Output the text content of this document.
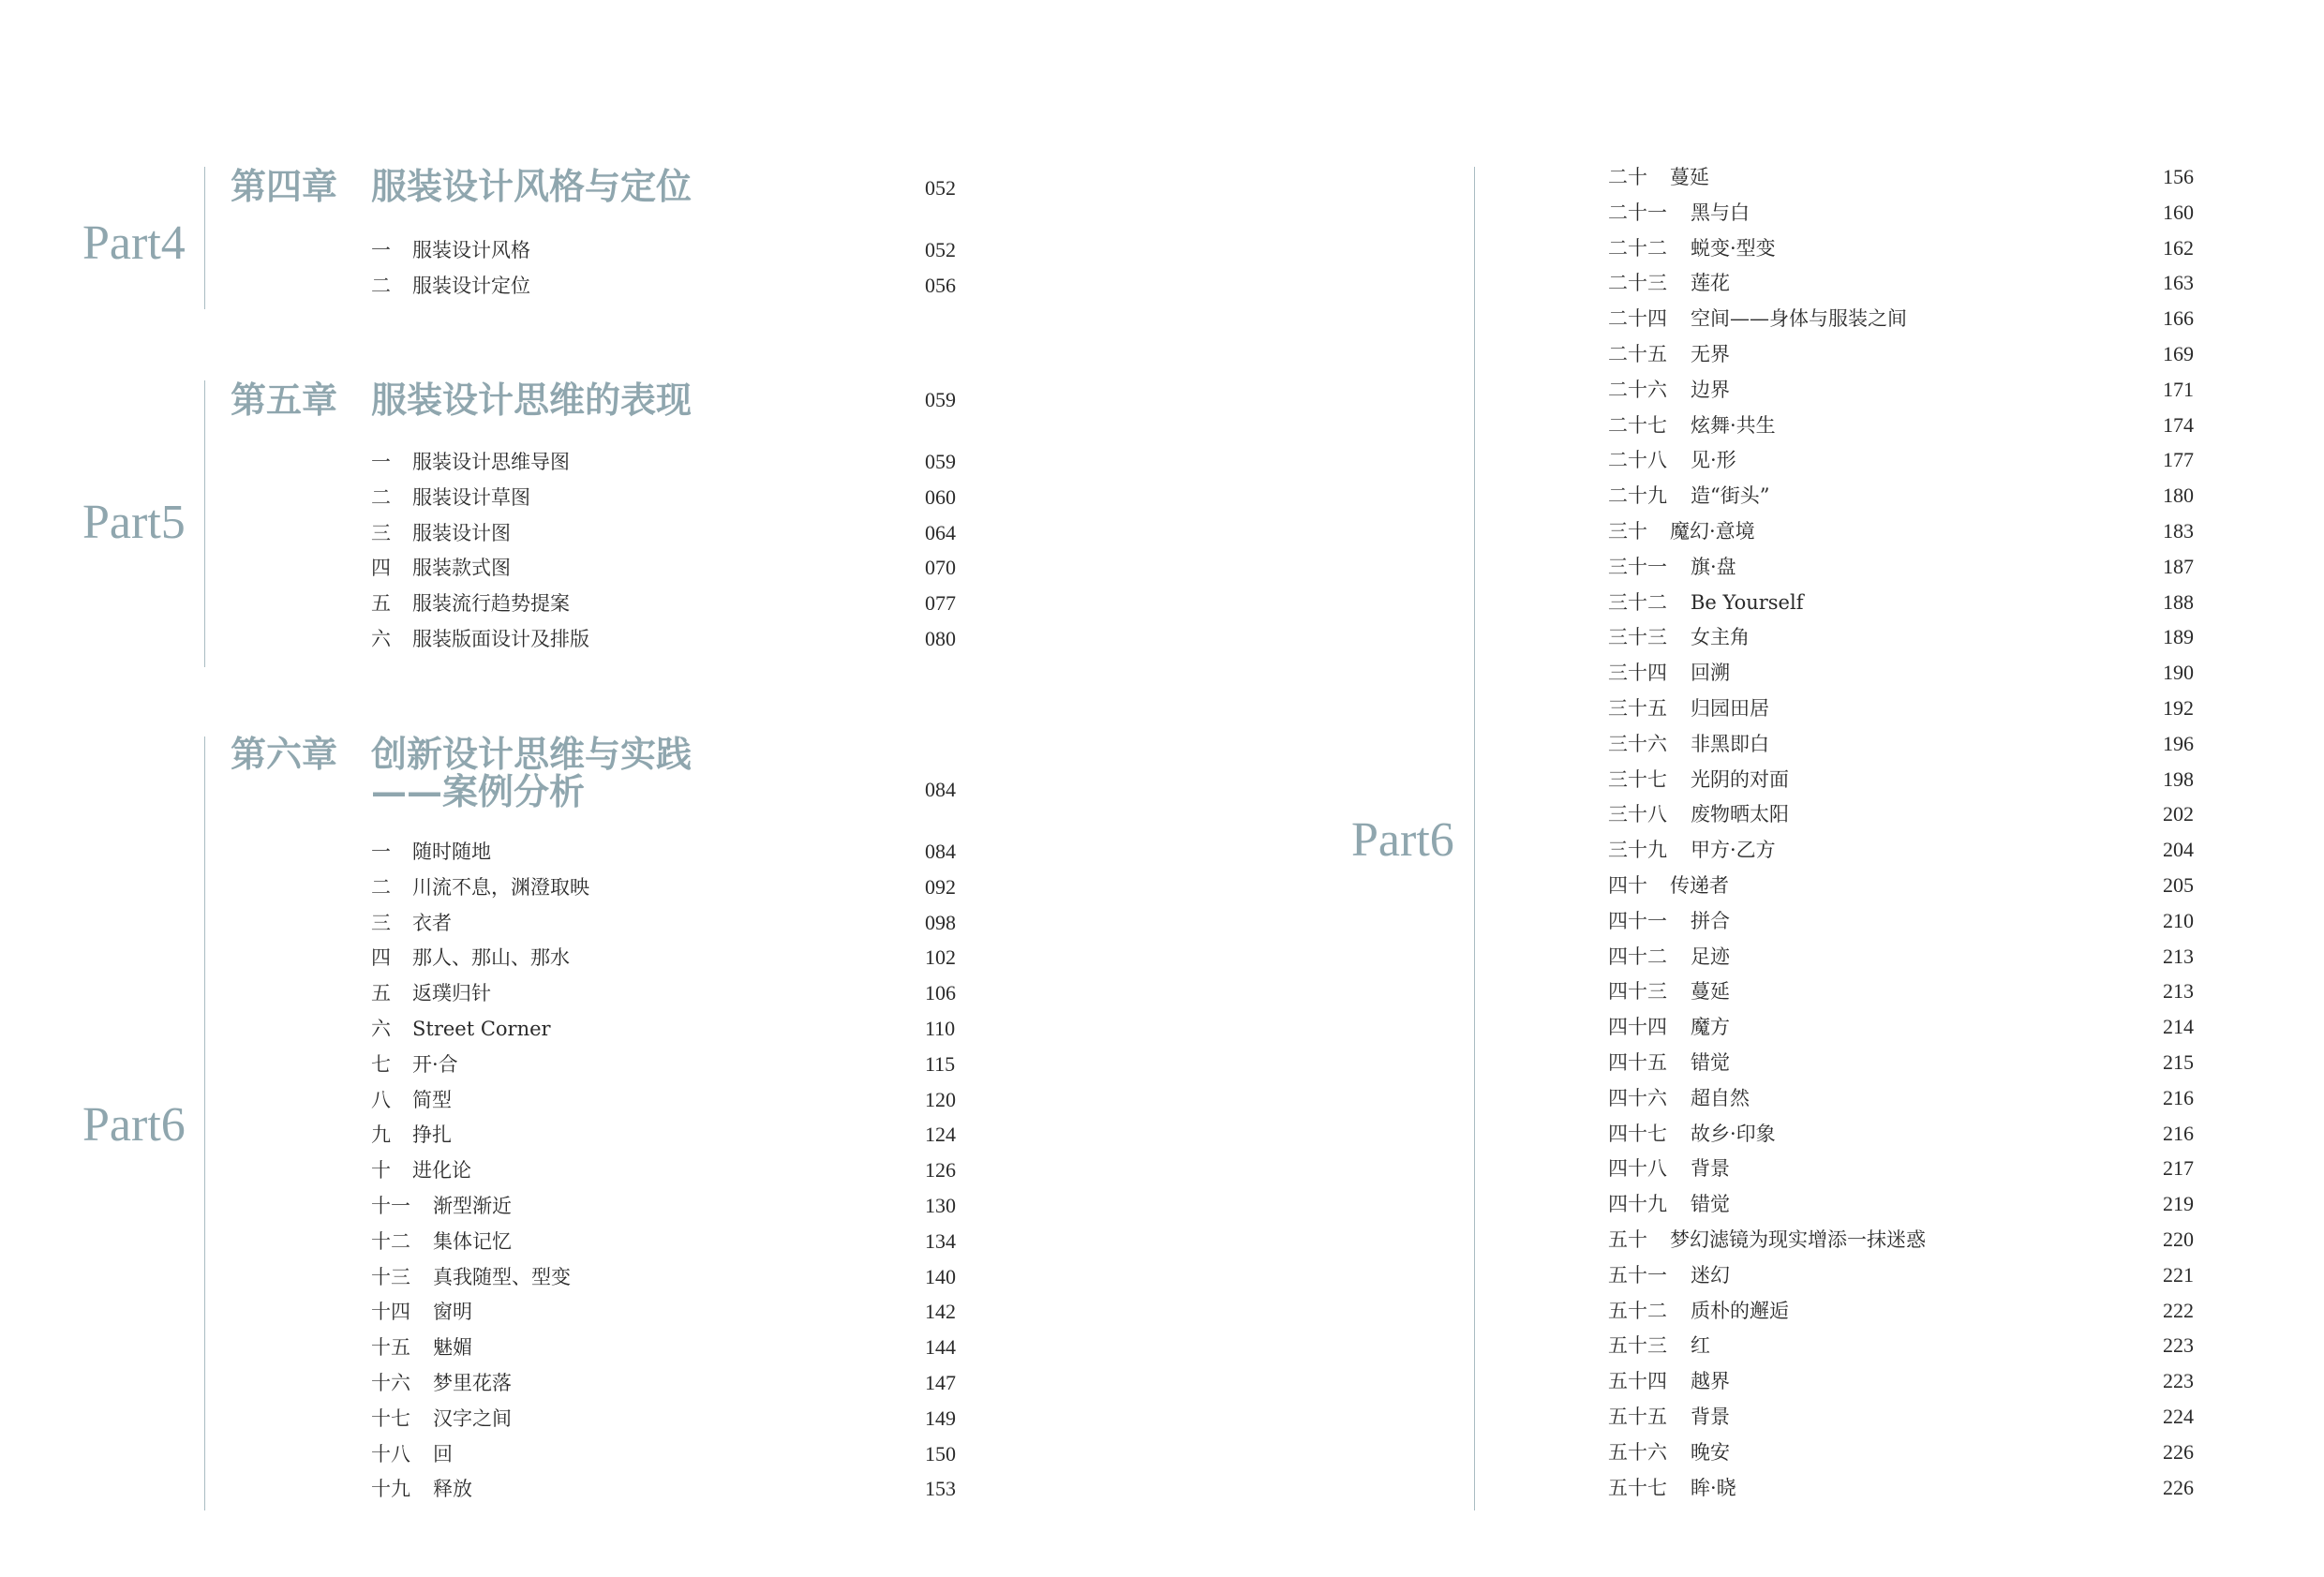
Part4
Part5
Part6
第四章 服装设计风格与定位	052
一 服装设计风格	052
二 服装设计定位	056
第五章 服装设计思维的表现	059
一 服装设计思维导图	059
二 服装设计草图	060
三 服装设计图	064
四 服装款式图	070
五 服装流行趋势提案	077
六 服装版面设计及排版	080
第六章 创新设计思维与实践
——案例分析	084
一 随时随地	084
二 川流不息，渊澄取映	092
三 衣者	098
四 那人、那山、那水	102
五 返璞归针	106
六 Street Corner	110
七 开·合	115
八 简型	120
九 挣扎	124
十 进化论	126
十一 渐型渐近	130
十二 集体记忆	134
十三 真我随型、型变	140
十四 窗明	142
十五 魅媚	144
十六 梦里花落	147
十七 汉字之间	149
十八 回	150
十九 释放	153
Part6
二十 蔓延	156
二十一 黑与白	160
二十二 蜕变·型变	162
二十三 莲花	163
二十四 空间——身体与服装之间	166
二十五 无界	169
二十六 边界	171
二十七 炫舞·共生	174
二十八 见·形	177
二十九 造“街头”	180
三十 魔幻·意境	183
三十一 旗·盘	187
三十二 Be Yourself	188
三十三 女主角	189
三十四 回溯	190
三十五 归园田居	192
三十六 非黑即白	196
三十七 光阴的对面	198
三十八 废物晒太阳	202
三十九 甲方·乙方	204
四十 传递者	205
四十一 拼合	210
四十二 足迹	213
四十三 蔓延	213
四十四 魔方	214
四十五 错觉	215
四十六 超自然	216
四十七 故乡·印象	216
四十八 背景	217
四十九 错觉	219
五十 梦幻滤镜为现实增添一抹迷惑	220
五十一 迷幻	221
五十二 质朴的邂逅	222
五十三 红	223
五十四 越界	223
五十五 背景	224
五十六 晚安	226
五十七 眸·晓	226
